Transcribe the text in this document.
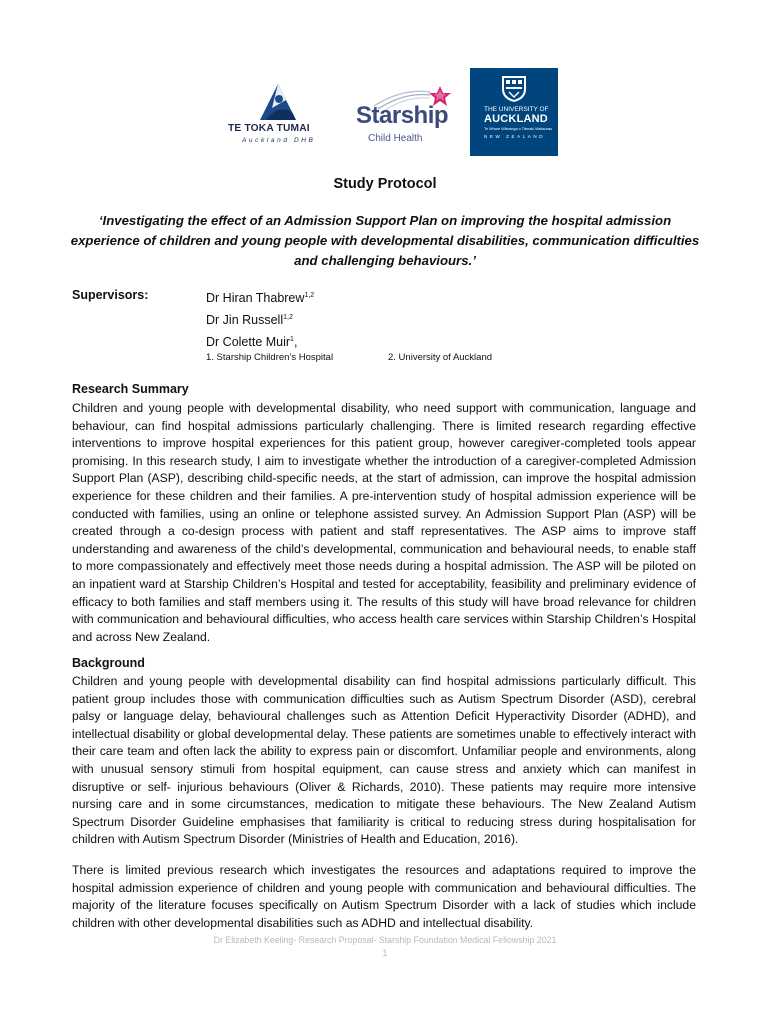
TE TOKA TUMAI
Auckland DHB
Starship
Child Health
THE UNIVERSITY OF
AUCKLAND
Te Whare Wānanga o Tāmaki Makaurau
NEW ZEALAND
Study Protocol
‘Investigating the effect of an Admission Support Plan on improving the hospital admission experience of children and young people with developmental disabilities, communication difficulties and challenging behaviours.’
Supervisors:	Dr Hiran Thabrew$^{1,2}$
Dr Jin Russell$^{1,2}$
Dr Colette Muir$^1$,
1. Starship Children’s Hospital	2. University of Auckland
Research Summary

Children and young people with developmental disability, who need support with communication, language and behaviour, can find hospital admissions particularly challenging. There is limited research regarding effective interventions to improve hospital experiences for this patient group, however caregiver-completed tools appear promising. In this research study, I aim to investigate whether the introduction of a caregiver-completed Admission Support Plan (ASP), describing child-specific needs, at the start of admission, can improve the hospital admission experience for these children and their families. A pre-intervention study of hospital admission experience will be conducted with families, using an online or telephone assisted survey. An Admission Support Plan (ASP) will be created through a co-design process with patient and staff representatives. The ASP aims to improve staff understanding and awareness of the child’s developmental, communication and behavioural needs, to enable staff to more compassionately and effectively meet those needs during a hospital admission. The ASP will be piloted on an inpatient ward at Starship Children’s Hospital and tested for acceptability, feasibility and preliminary evidence of efficacy to both families and staff members using it. The results of this study will have broad relevance for children with communication and behavioural difficulties, who access health care services within Starship Children’s Hospital and across New Zealand.

Background

Children and young people with developmental disability can find hospital admissions particularly difficult. This patient group includes those with communication difficulties such as Autism Spectrum Disorder (ASD), cerebral palsy or language delay, behavioural challenges such as Attention Deficit Hyperactivity Disorder (ADHD), and intellectual disability or global developmental delay. These patients are sometimes unable to effectively interact with their care team and often lack the ability to express pain or discomfort. Unfamiliar people and environments, along with unusual sensory stimuli from hospital equipment, can cause stress and anxiety which can manifest in disruptive or self- injurious behaviours (Oliver & Richards, 2010). These patients may require more intensive nursing care and in some circumstances, medication to mitigate these behaviours. The New Zealand Autism Spectrum Disorder Guideline emphasises that familiarity is critical to reducing stress during hospitalisation for children with Autism Spectrum Disorder (Ministries of Health and Education, 2016).

There is limited previous research which investigates the resources and adaptations required to improve the hospital admission experience of children and young people with communication and behavioural difficulties. The majority of the literature focuses specifically on Autism Spectrum Disorder with a lack of studies which include children with other developmental disabilities such as ADHD and intellectual disability.

Dr Elizabeth Keeling- Research Proposal- Starship Foundation Medical Fellowship 2021
1
